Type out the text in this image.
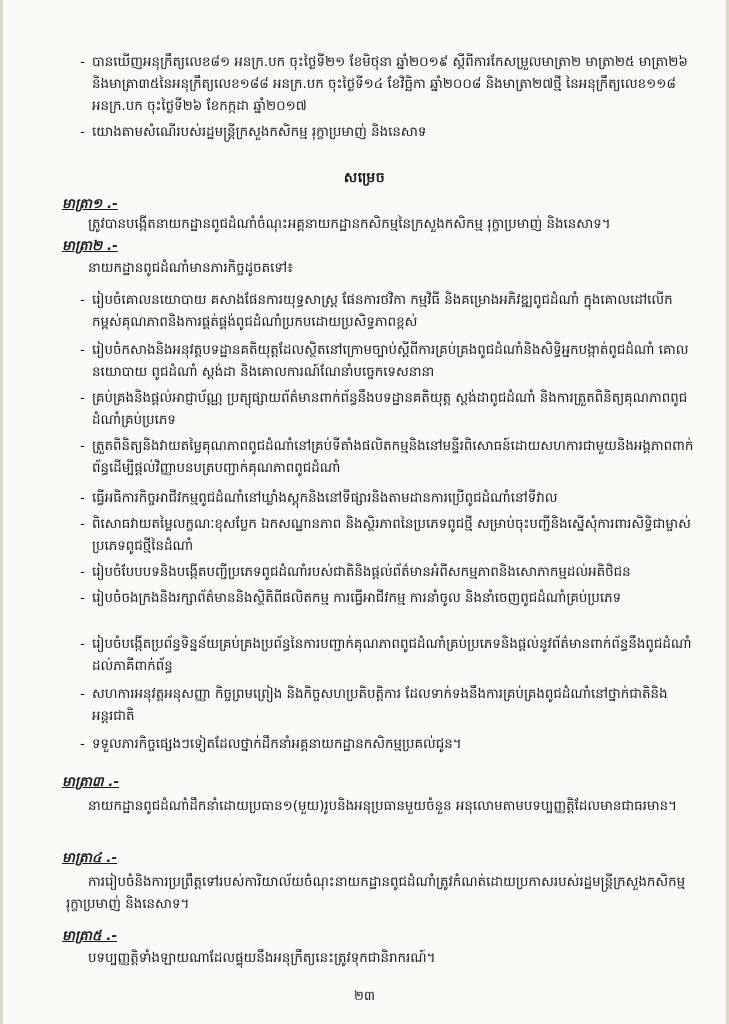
- បានឃើញអនុក្រឹត្យលេខ៨១ អនក្រ.បក ចុះថ្ងៃទី២១ ខែមិថុនា ឆ្នាំ២០១៩ ស្ដីពីការកែសម្រួលមាត្រា២ មាត្រា២៥ មាត្រា២៦ និងមាត្រា៣៥នៃអនុក្រឹត្យលេខ១៨៨ អនក្រ.បក ចុះថ្ងៃទី១៤ ខែវិច្ឆិកា ឆ្នាំ២០០៨ និងមាត្រា២៧ថ្មី នៃអនុក្រឹត្យលេខ១១៨ អនក្រ.បក ចុះថ្ងៃទី២៦ ខែកក្កដា ឆ្នាំ២០១៧
- យោងតាមសំណើរបស់រដ្ឋមន្ត្រីក្រសួងកសិកម្ម រុក្ខាប្រមាញ់ និងនេសាទ
សម្រេច
មាត្រា១ .-
ត្រូវបានបង្កើតនាយកដ្ឋានពូជដំណាំចំណុះអគ្គនាយកដ្ឋានកសិកម្មនៃក្រសួងកសិកម្ម រុក្ខាប្រមាញ់ និងនេសាទ។
មាត្រា២ .-
នាយកដ្ឋានពូជដំណាំមានភារកិច្ចដូចតទៅ៖
- រៀបចំគោលនយោបាយ គសាងផែនការយុទ្ធសាស្ត្រ ផែនការថវិកា កម្មវិធី និងគម្រោងអភិវឌ្ឍពូជដំណាំ ក្នុងគោលដៅលើកកម្ពស់គុណភាពនិងការផ្គត់ផ្គង់ពូជដំណាំប្រកបដោយប្រសិទ្ធភាពខ្ពស់
- រៀបចំកសាងនិងអនុវត្តបទដ្ឋានគតិយុត្តដែលស្ថិតនៅក្រោមច្បាប់ស្ដីពីការគ្រប់គ្រងពូជដំណាំនិងសិទ្ធិអ្នកបង្កាត់ពូជដំណាំ គោលនយោបាយ ពូជដំណាំ ស្តង់ដា និងគោលការណ៍ណែនាំបច្ចេកទេសនានា
- គ្រប់គ្រងនិងផ្តល់អាជ្ញាប័ណ្ណ ប្រត្យុផ្សាយព័ត៌មានពាក់ព័ន្ធនឹងបទដ្ឋានគតិយុត្ត ស្តង់ដាពូជដំណាំ និងការត្រួតពិនិត្យគុណភាពពូជដំណាំគ្រប់ប្រភេទ
- ត្រួតពិនិត្យនិងវាយតម្លៃគុណភាពពូជដំណាំនៅគ្រប់ទីតាំងផលិតកម្មនិងនៅមន្ទីរពិសោធន៍ដោយសហការជាមួយនិងអង្គភាពពាក់ព័ន្ធដើម្បីផ្តល់វិញ្ញាបនបត្របញ្ជាក់គុណភាពពូជដំណាំ
- ធ្វើអធិការកិច្ចអាជីវកម្មពូជដំណាំនៅឃ្លាំងស្តុកនិងនៅទីផ្សារនិងតាមដានការប្រើពូជដំណាំនៅទីវាល
- ពិសោធវាយតម្លៃលក្ខណៈខុសប្លែក ឯកសណ្ឋានភាព និងស្ថិរភាពនៃប្រភេទពូជថ្មី សម្រាប់ចុះបញ្ជីនិងស្នើសុំការពារសិទ្ធិជាម្ចាស់ប្រភេទពូជថ្មីនៃដំណាំ
- រៀបចំបែបបទនិងបង្កើតបញ្ជីប្រភេទពូជដំណាំរបស់ជាតិនិងផ្តល់ព័ត៌មានអំពីសកម្មភាពនិងសោភាកម្មដល់អតិថិជន
- រៀបចំចងក្រងនិងរក្សាព័ត៌មាននិងស្ថិតិពីផលិតកម្ម ការធ្វើអាជីវកម្ម ការនាំចូល និងនាំចេញពូជដំណាំគ្រប់ប្រភេទ
- រៀបចំបង្កើតប្រព័ន្ធទិន្នន័យគ្រប់គ្រងប្រព័ន្ធនៃការបញ្ជាក់គុណភាពពូជដំណាំគ្រប់ប្រភេទនិងផ្តល់នូវព័ត៌មានពាក់ព័ន្ធនឹងពូជដំណាំដល់ភាគីពាក់ព័ន្ធ
- សហការអនុវត្តអនុសញ្ញា កិច្ចព្រមព្រៀង និងកិច្ចសហប្រតិបត្តិការ ដែលទាក់ទងនឹងការគ្រប់គ្រងពូជដំណាំនៅថ្នាក់ជាតិនិងអន្តរជាតិ
- ទទួលភារកិច្ចផ្សេងៗទៀតដែលថ្នាក់ដឹកនាំអគ្គនាយកដ្ឋានកសិកម្មប្រគល់ជូន។
មាត្រា៣ .-
នាយកដ្ឋានពូជដំណាំដឹកនាំដោយប្រធាន១(មួយ)រូបនិងអនុប្រធានមួយចំនួន អនុលោមតាមបទប្បញ្ញត្តិដែលមានជាធរមាន។
មាត្រា៤ .-
ការរៀបចំនិងការប្រព្រឹត្តទៅរបស់ការិយាល័យចំណុះនាយកដ្ឋានពូជដំណាំត្រូវកំណត់ដោយប្រកាសរបស់រដ្ឋមន្ត្រីក្រសួងកសិកម្ម រុក្ខាប្រមាញ់ និងនេសាទ។
មាត្រា៥ .-
បទប្បញ្ញត្តិទាំងឡាយណាដែលផ្ទុយនឹងអនុក្រឹត្យនេះត្រូវទុកជានិរាករណ៍។
២៣
